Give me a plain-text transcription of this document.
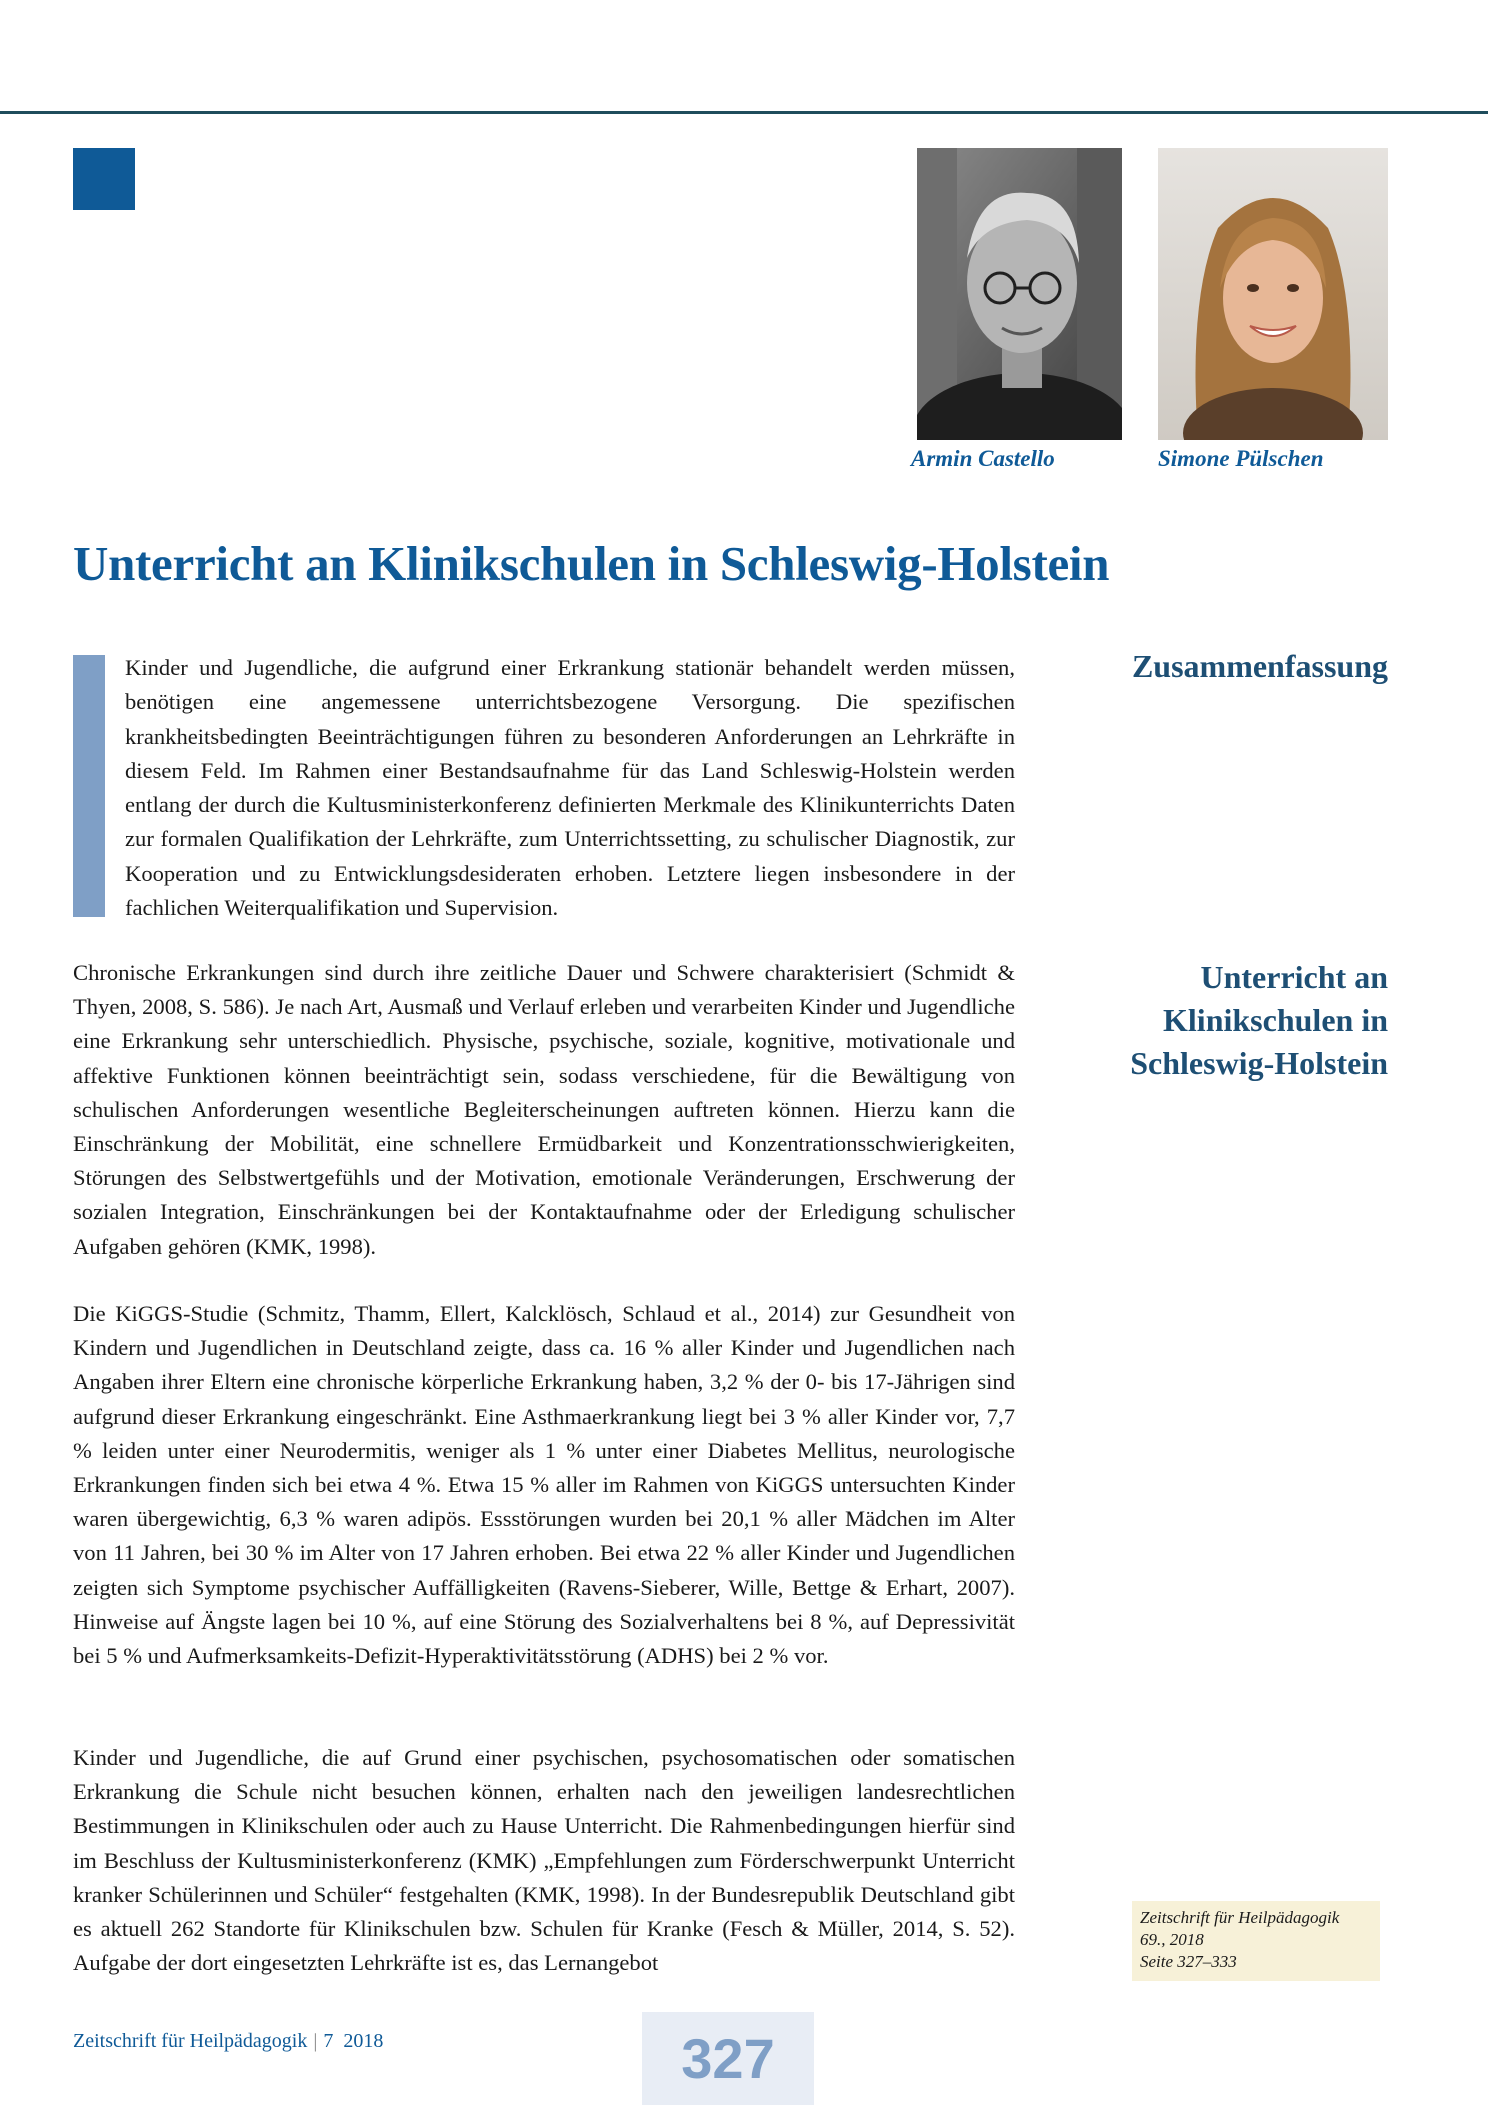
Armin Castello	Simone Pülschen
Unterricht an Klinikschulen in Schleswig-Holstein

Kinder und Jugendliche, die aufgrund einer Erkrankung stationär behandelt werden müssen, benötigen eine angemessene unterrichtsbezogene Versorgung. Die spezifischen krankheitsbedingten Beeinträchtigungen führen zu besonderen Anforderungen an Lehrkräfte in diesem Feld. Im Rahmen einer Bestandsaufnahme für das Land Schleswig-Holstein werden entlang der durch die Kultusministerkonferenz definierten Merkmale des Klinikunterrichts Daten zur formalen Qualifikation der Lehrkräfte, zum Unterrichtssetting, zu schulischer Diagnostik, zur Kooperation und zu Entwicklungsdesideraten erhoben. Letztere liegen insbesondere in der fachlichen Weiterqualifikation und Supervision.

Zusammenfassung
Unterricht an
Klinikschulen in
Schleswig-Holstein

Chronische Erkrankungen sind durch ihre zeitliche Dauer und Schwere charakterisiert (Schmidt & Thyen, 2008, S. 586). Je nach Art, Ausmaß und Verlauf erleben und verarbeiten Kinder und Jugendliche eine Erkrankung sehr unterschiedlich. Physische, psychische, soziale, kognitive, motivationale und affektive Funktionen können beeinträchtigt sein, sodass verschiedene, für die Bewältigung von schulischen Anforderungen wesentliche Begleiterscheinungen auftreten können. Hierzu kann die Einschränkung der Mobilität, eine schnellere Ermüdbarkeit und Konzentrationsschwierigkeiten, Störungen des Selbstwertgefühls und der Motivation, emotionale Veränderungen, Erschwerung der sozialen Integration, Einschränkungen bei der Kontaktaufnahme oder der Erledigung schulischer Aufgaben gehören (KMK, 1998).

Die KiGGS-Studie (Schmitz, Thamm, Ellert, Kalcklösch, Schlaud et al., 2014) zur Gesundheit von Kindern und Jugendlichen in Deutschland zeigte, dass ca. 16 % aller Kinder und Jugendlichen nach Angaben ihrer Eltern eine chronische körperliche Erkrankung haben, 3,2 % der 0- bis 17-Jährigen sind aufgrund dieser Erkrankung eingeschränkt. Eine Asthmaerkrankung liegt bei 3 % aller Kinder vor, 7,7 % leiden unter einer Neurodermitis, weniger als 1 % unter einer Diabetes Mellitus, neurologische Erkrankungen finden sich bei etwa 4 %. Etwa 15 % aller im Rahmen von KiGGS untersuchten Kinder waren übergewichtig, 6,3 % waren adipös. Essstörungen wurden bei 20,1 % aller Mädchen im Alter von 11 Jahren, bei 30 % im Alter von 17 Jahren erhoben. Bei etwa 22 % aller Kinder und Jugendlichen zeigten sich Symptome psychischer Auffälligkeiten (Ravens-Sieberer, Wille, Bettge & Erhart, 2007). Hinweise auf Ängste lagen bei 10 %, auf eine Störung des Sozialverhaltens bei 8 %, auf Depressivität bei 5 % und Aufmerksamkeits-Defizit-Hyperaktivitätsstörung (ADHS) bei 2 % vor.

Kinder und Jugendliche, die auf Grund einer psychischen, psychosomatischen oder somatischen Erkrankung die Schule nicht besuchen können, erhalten nach den jeweiligen landesrechtlichen Bestimmungen in Klinikschulen oder auch zu Hause Unterricht. Die Rahmenbedingungen hierfür sind im Beschluss der Kultusministerkonferenz (KMK) „Empfehlungen zum Förderschwerpunkt Unterricht kranker Schülerinnen und Schüler“ festgehalten (KMK, 1998). In der Bundesrepublik Deutschland gibt es aktuell 262 Standorte für Klinikschulen bzw. Schulen für Kranke (Fesch & Müller, 2014, S. 52). Aufgabe der dort eingesetzten Lehrkräfte ist es, das Lernangebot

Zeitschrift für Heilpädagogik
69., 2018
Seite 327–333
Zeitschrift für Heilpädagogik | 7 2018	327
